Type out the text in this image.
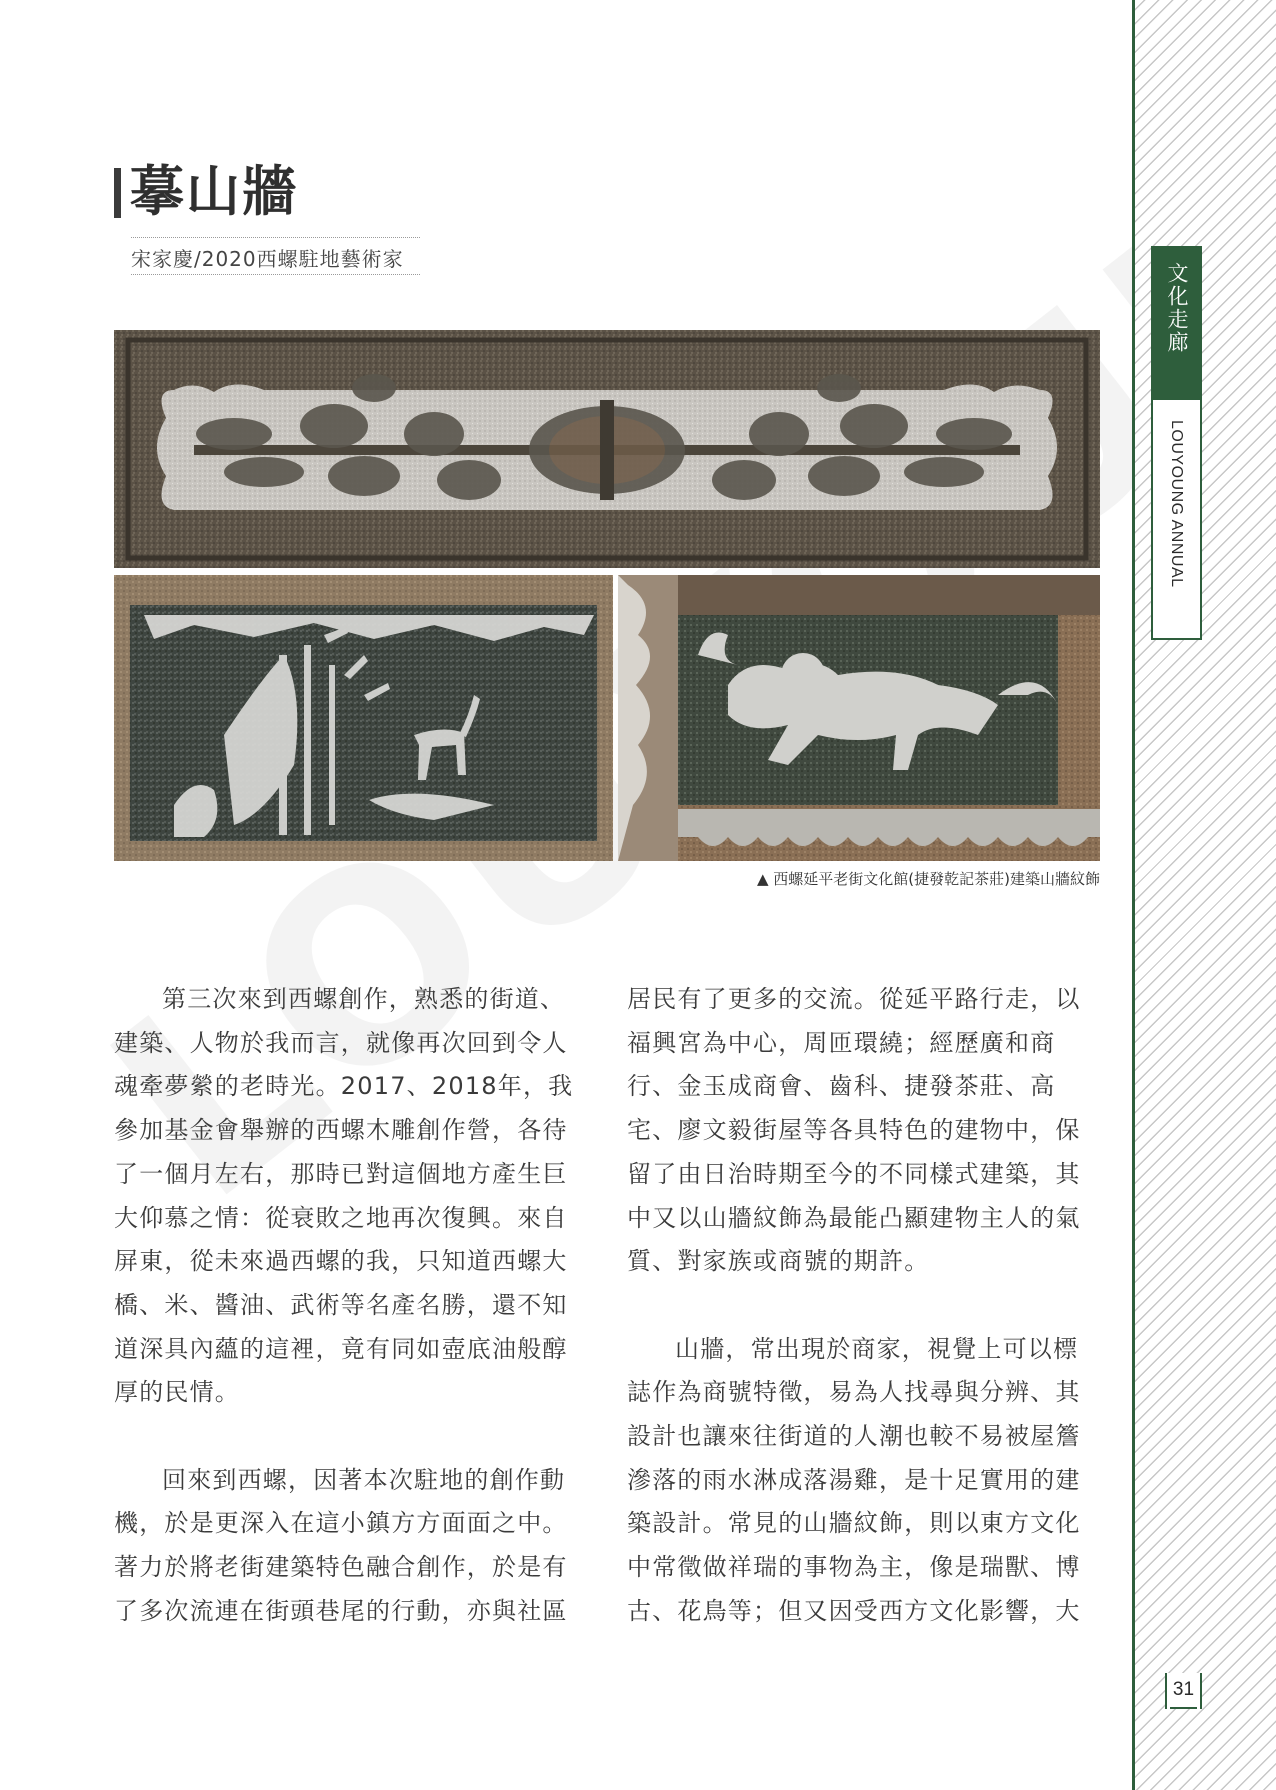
文化走廊
LOUYOUNG ANNUAL
31
摹山牆
宋家慶/2020西螺駐地藝術家
▲ 西螺延平老街文化館(捷發乾記茶莊)建築山牆紋飾

第三次來到西螺創作，熟悉的街道、建築、人物於我而言，就像再次回到令人魂牽夢縈的老時光。2017、2018年，我參加基金會舉辦的西螺木雕創作營，各待了一個月左右，那時已對這個地方產生巨大仰慕之情：從衰敗之地再次復興。來自屏東，從未來過西螺的我，只知道西螺大橋、米、醬油、武術等名產名勝，還不知道深具內蘊的這裡，竟有同如壺底油般醇厚的民情。

回來到西螺，因著本次駐地的創作動機，於是更深入在這小鎮方方面面之中。著力於將老街建築特色融合創作，於是有了多次流連在街頭巷尾的行動，亦與社區

居民有了更多的交流。從延平路行走，以福興宮為中心，周匝環繞；經歷廣和商行、金玉成商會、齒科、捷發茶莊、高宅、廖文毅街屋等各具特色的建物中，保留了由日治時期至今的不同樣式建築，其中又以山牆紋飾為最能凸顯建物主人的氣質、對家族或商號的期許。

山牆，常出現於商家，視覺上可以標誌作為商號特徵，易為人找尋與分辨、其設計也讓來往街道的人潮也較不易被屋簷滲落的雨水淋成落湯雞，是十足實用的建築設計。常見的山牆紋飾，則以東方文化中常徵做祥瑞的事物為主，像是瑞獸、博古、花鳥等；但又因受西方文化影響，大
